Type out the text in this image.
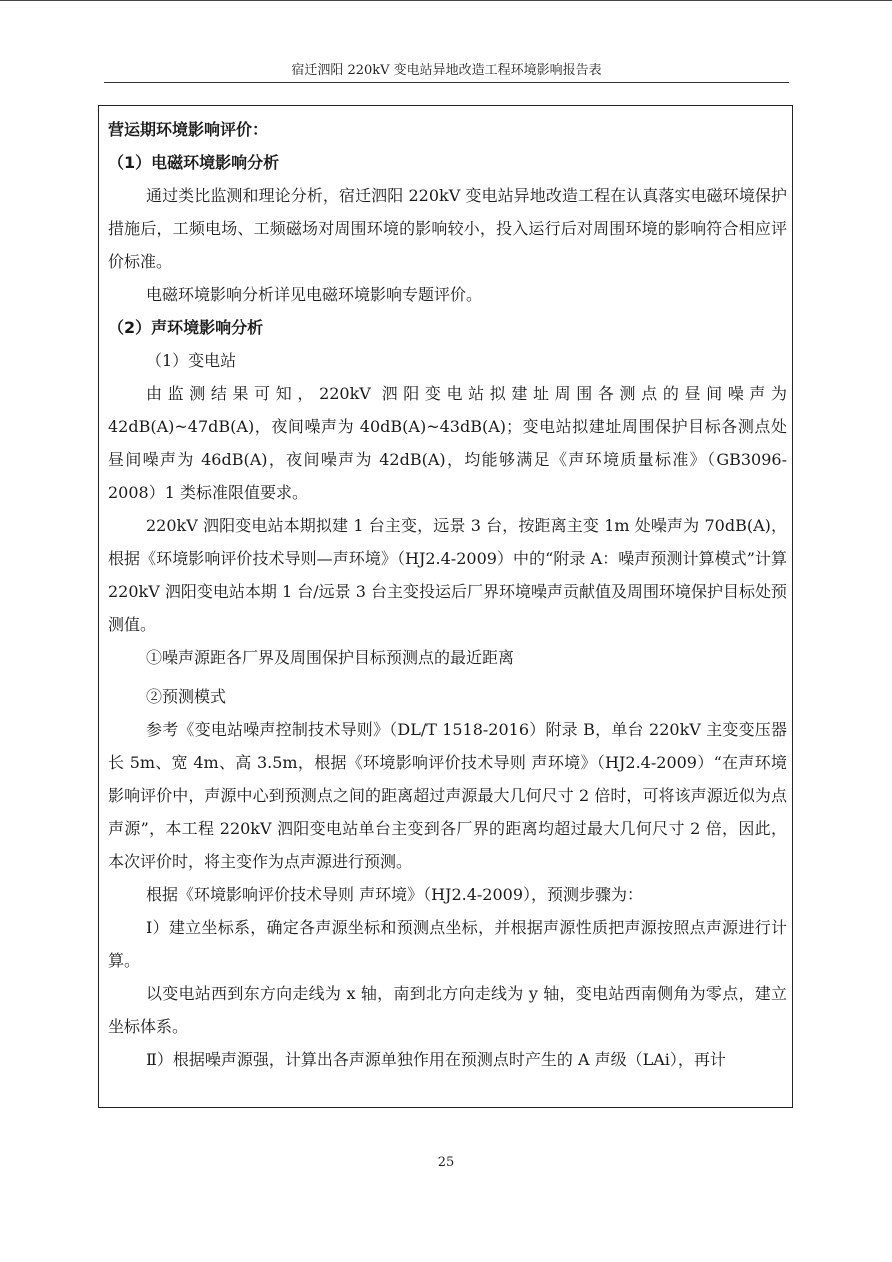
宿迁泗阳 220kV 变电站异地改造工程环境影响报告表

营运期环境影响评价：

（1）电磁环境影响分析

通过类比监测和理论分析，宿迁泗阳 220kV 变电站异地改造工程在认真落实电磁环境保护措施后，工频电场、工频磁场对周围环境的影响较小，投入运行后对周围环境的影响符合相应评价标准。

电磁环境影响分析详见电磁环境影响专题评价。

（2）声环境影响分析

（1）变电站

由监测结果可知，220kV 泗阳变电站拟建址周围各测点的昼间噪声为 42dB(A)~47dB(A)，夜间噪声为 40dB(A)~43dB(A)；变电站拟建址周围保护目标各测点处昼间噪声为 46dB(A)，夜间噪声为 42dB(A)，均能够满足《声环境质量标准》（GB3096-2008）1 类标准限值要求。

220kV 泗阳变电站本期拟建 1 台主变，远景 3 台，按距离主变 1m 处噪声为 70dB(A)，根据《环境影响评价技术导则—声环境》（HJ2.4-2009）中的“附录 A：噪声预测计算模式”计算 220kV 泗阳变电站本期 1 台/远景 3 台主变投运后厂界环境噪声贡献值及周围环境保护目标处预测值。

①噪声源距各厂界及周围保护目标预测点的最近距离

②预测模式

参考《变电站噪声控制技术导则》（DL/T 1518-2016）附录 B，单台 220kV 主变变压器长 5m、宽 4m、高 3.5m，根据《环境影响评价技术导则 声环境》（HJ2.4-2009）“在声环境影响评价中，声源中心到预测点之间的距离超过声源最大几何尺寸 2 倍时，可将该声源近似为点声源”，本工程 220kV 泗阳变电站单台主变到各厂界的距离均超过最大几何尺寸 2 倍，因此，本次评价时，将主变作为点声源进行预测。

根据《环境影响评价技术导则 声环境》（HJ2.4-2009），预测步骤为：

Ⅰ）建立坐标系，确定各声源坐标和预测点坐标，并根据声源性质把声源按照点声源进行计算。

以变电站西到东方向走线为 x 轴，南到北方向走线为 y 轴，变电站西南侧角为零点，建立坐标体系。

Ⅱ）根据噪声源强，计算出各声源单独作用在预测点时产生的 A 声级（LAi），再计

25
